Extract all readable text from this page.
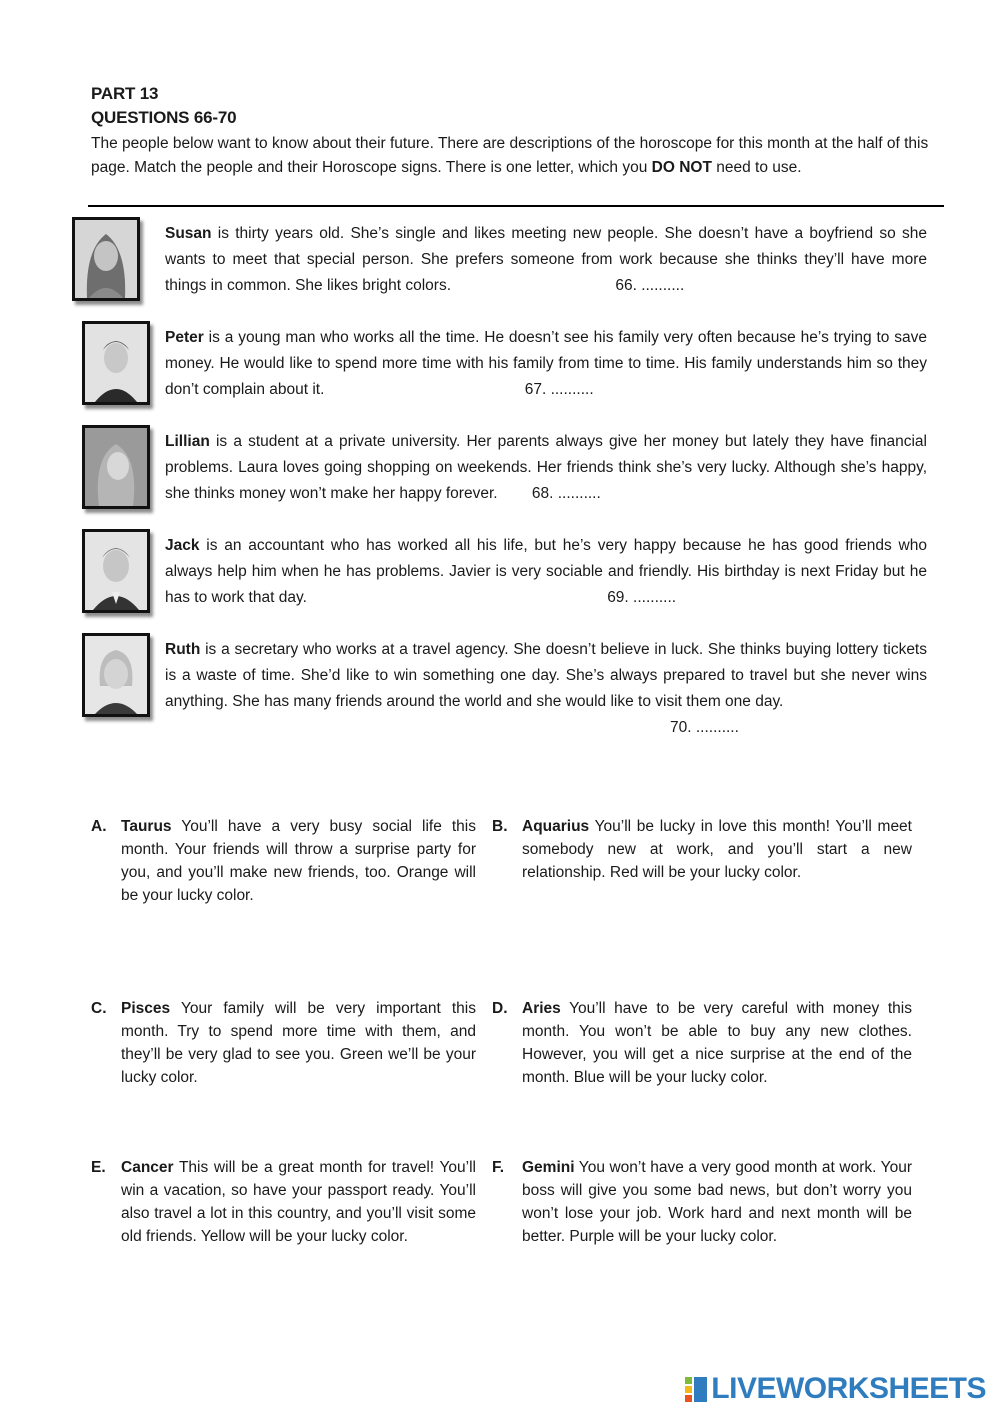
PART 13
QUESTIONS 66-70
The people below want to know about their future. There are descriptions of the horoscope for this month at the half of this page. Match the people and their Horoscope signs. There is one letter, which you DO NOT need to use.
Susan is thirty years old. She’s single and likes meeting new people. She doesn’t have a boyfriend so she wants to meet that special person. She prefers someone from work because she thinks they’ll have more things in common. She likes bright colors.	66. ..........
Peter is a young man who works all the time. He doesn’t see his family very often because he’s trying to save money. He would like to spend more time with his family from time to time. His family understands him so they don’t complain about it.	67. ..........
Lillian is a student at a private university. Her parents always give her money but lately they have financial problems. Laura loves going shopping on weekends. Her friends think she’s very lucky. Although she’s happy, she thinks money won’t make her happy forever. 68. ..........
Jack is an accountant who has worked all his life, but he’s very happy because he has good friends who always help him when he has problems. Javier is very sociable and friendly. His birthday is next Friday but he has to work that day.	69. ..........
Ruth is a secretary who works at a travel agency. She doesn’t believe in luck. She thinks buying lottery tickets is a waste of time. She’d like to win something one day. She’s always prepared to travel but she never wins anything. She has many friends around the world and she would like to visit them one day.
70. ..........
A. Taurus You’ll have a very busy social life this month. Your friends will throw a surprise party for you, and you’ll make new friends, too. Orange will be your lucky color.
B. Aquarius You’ll be lucky in love this month! You’ll meet somebody new at work, and you’ll start a new relationship. Red will be your lucky color.
C. Pisces Your family will be very important this month. Try to spend more time with them, and they’ll be very glad to see you. Green we’ll be your lucky color.
D. Aries You’ll have to be very careful with money this month. You won’t be able to buy any new clothes. However, you will get a nice surprise at the end of the month. Blue will be your lucky color.
E. Cancer This will be a great month for travel! You’ll win a vacation, so have your passport ready. You’ll also travel a lot in this country, and you’ll visit some old friends. Yellow will be your lucky color.
F. Gemini You won’t have a very good month at work. Your boss will give you some bad news, but don’t worry you won’t lose your job. Work hard and next month will be better. Purple will be your lucky color.
LIVEWORKSHEETS
